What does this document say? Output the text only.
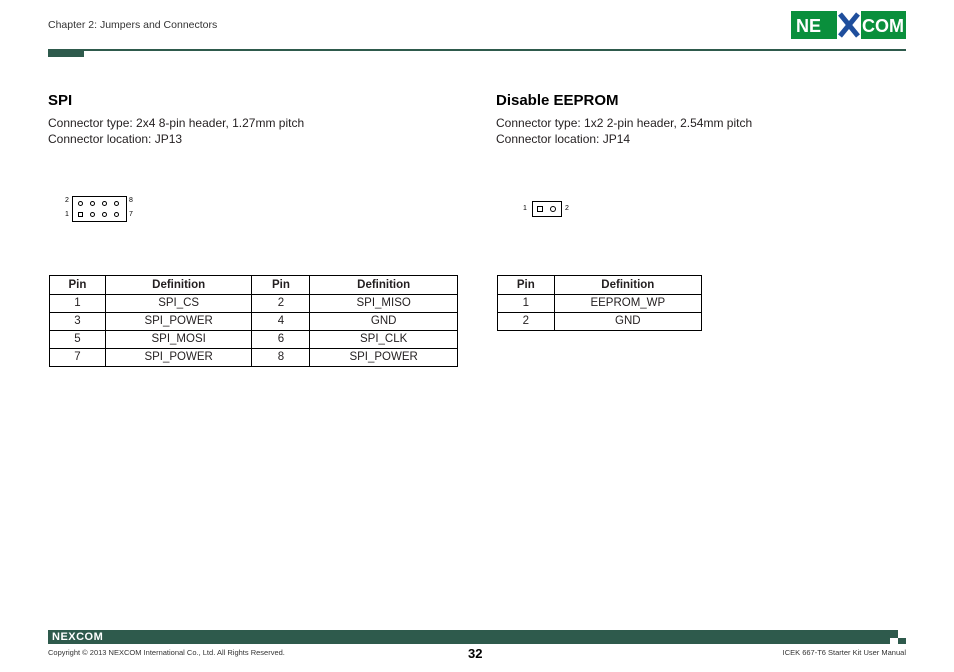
Chapter 2: Jumpers and Connectors	NE COM
SPI
Connector type: 2x4 8-pin header, 1.27mm pitch
Connector location: JP13
2
1
8
7
Pin	Definition	Pin	Definition
1	SPI_CS	2	SPI_MISO
3	SPI_POWER	4	GND
5	SPI_MOSI	6	SPI_CLK
7	SPI_POWER	8	SPI_POWER
Disable EEPROM
Connector type: 1x2 2-pin header, 2.54mm pitch
Connector location: JP14
1	2
Pin	Definition
1	EEPROM_WP
2	GND
NEXCOM
Copyright © 2013 NEXCOM International Co., Ltd. All Rights Reserved.	32	ICEK 667-T6 Starter Kit User Manual
